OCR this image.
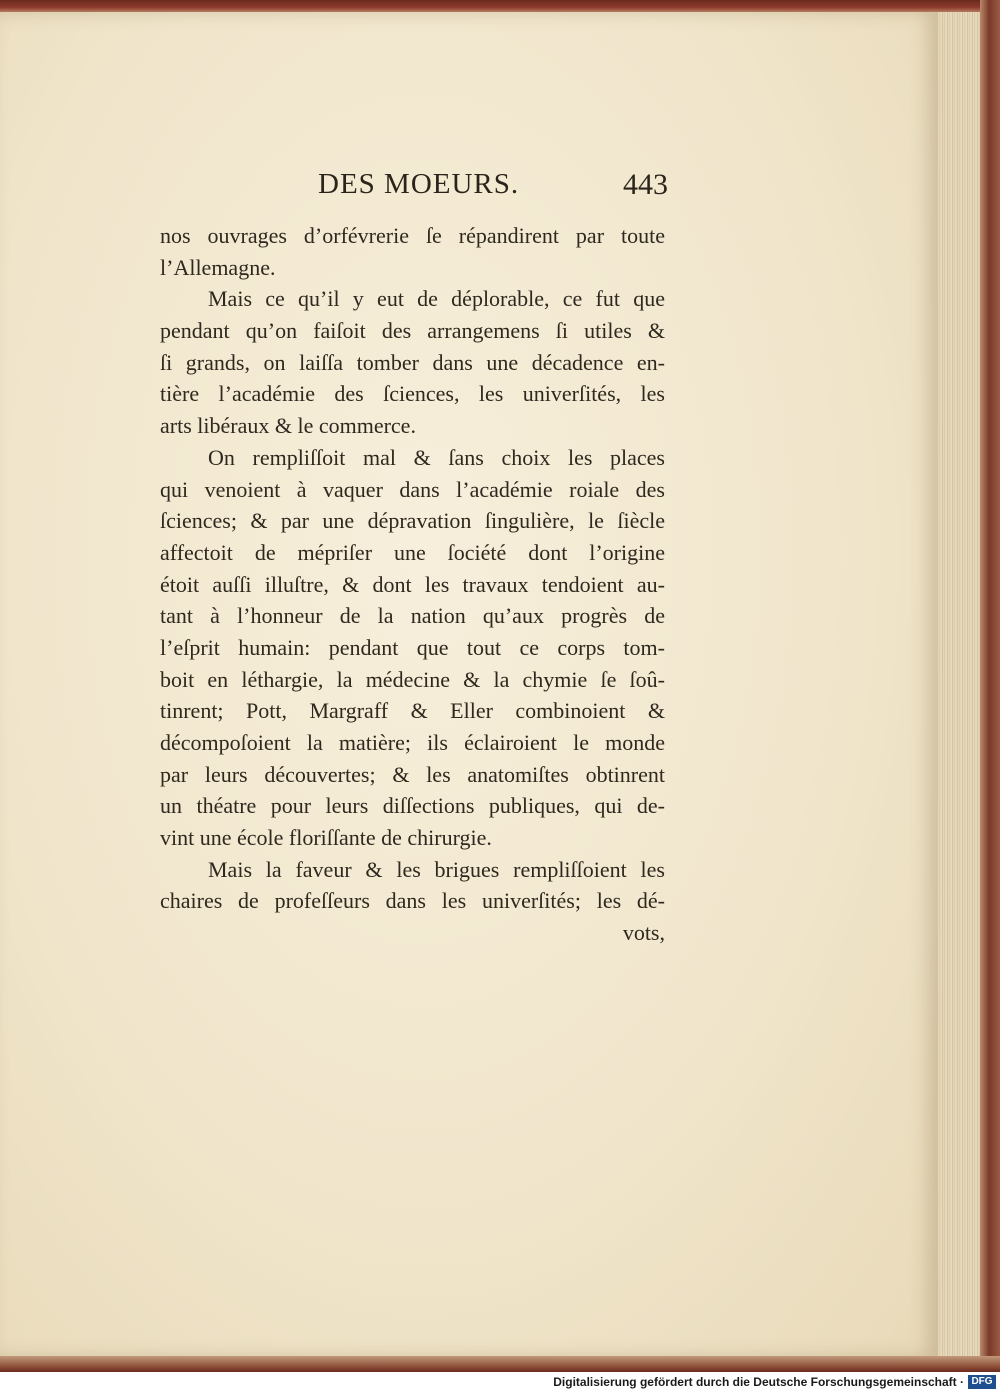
DES MOEURS.	443
nos ouvrages d’orfévrerie ſe répandirent par toute
l’Allemagne.
Mais ce qu’il y eut de déplorable, ce fut que
pendant qu’on faiſoit des arrangemens ſi utiles &
ſi grands, on laiſſa tomber dans une décadence en-
tière l’académie des ſciences, les univerſités, les
arts libéraux & le commerce.
On rempliſſoit mal & ſans choix les places
qui venoient à vaquer dans l’académie roiale des
ſciences; & par une dépravation ſingulière, le ſiècle
affectoit de mépriſer une ſociété dont l’origine
étoit auſſi illuſtre, & dont les travaux tendoient au-
tant à l’honneur de la nation qu’aux progrès de
l’eſprit humain: pendant que tout ce corps tom-
boit en léthargie, la médecine & la chymie ſe ſoû-
tinrent; Pott, Margraff & Eller combinoient &
décompoſoient la matière; ils éclairoient le monde
par leurs découvertes; & les anatomiſtes obtinrent
un théatre pour leurs diſſections publiques, qui de-
vint une école floriſſante de chirurgie.
Mais la faveur & les brigues rempliſſoient les
chaires de profeſſeurs dans les univerſités; les dé-
vots,
Digitalisierung gefördert durch die Deutsche Forschungsgemeinschaft · DFG
